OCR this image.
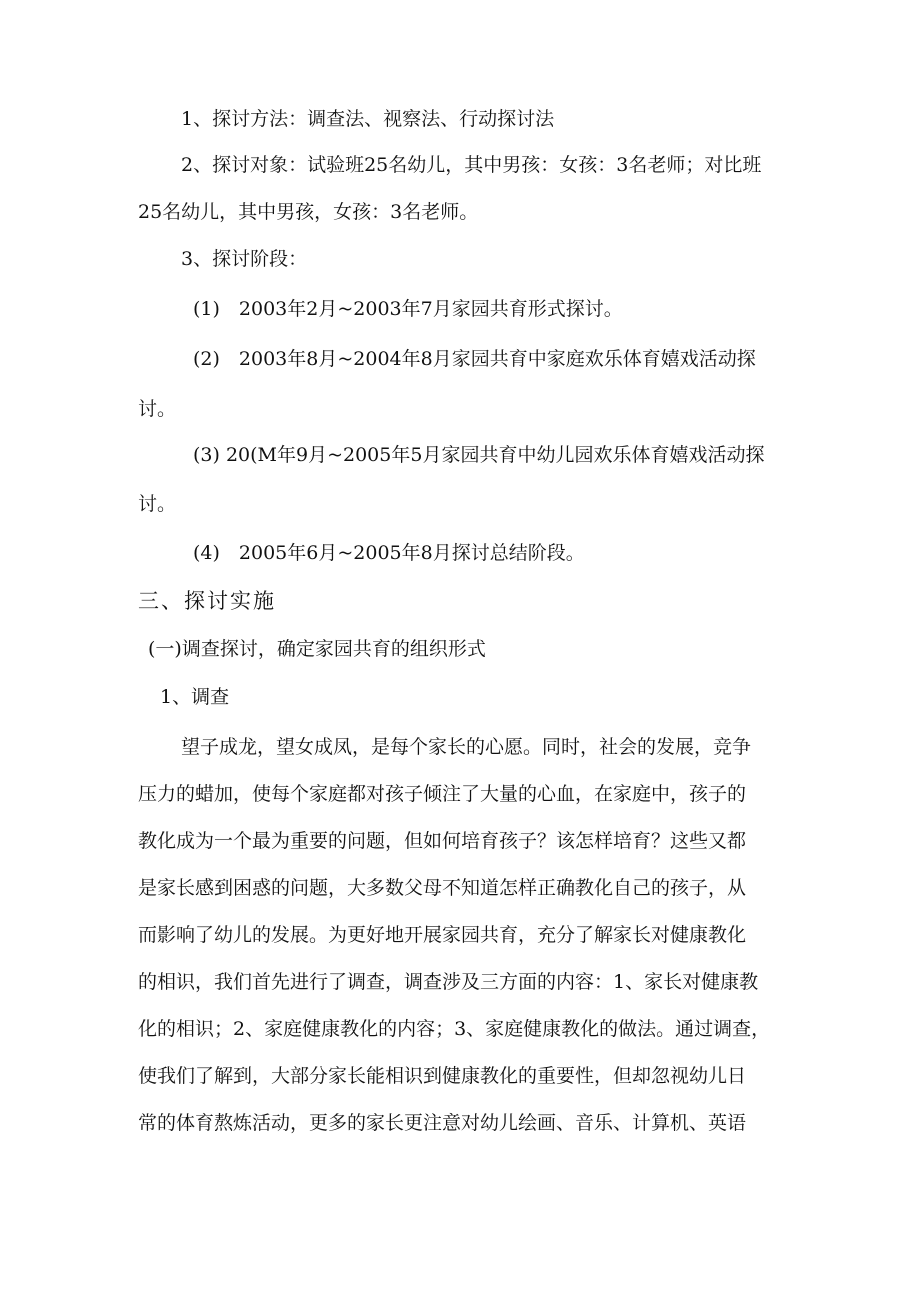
1、探讨方法：调查法、视察法、行动探讨法

2、探讨对象：试验班25名幼儿，其中男孩：女孩：3名老师；对比班

25名幼儿，其中男孩，女孩：3名老师。

3、探讨阶段：

(1)　2003年2月~2003年7月家园共育形式探讨。

(2)　2003年8月~2004年8月家园共育中家庭欢乐体育嬉戏活动探

讨。

(3) 20(M年9月~2005年5月家园共育中幼儿园欢乐体育嬉戏活动探

讨。

(4)　2005年6月~2005年8月探讨总结阶段。

三、探讨实施

(一)调查探讨，确定家园共育的组织形式

1、调查

望子成龙，望女成凤，是每个家长的心愿。同时，社会的发展，竞争

压力的蜡加，使每个家庭都对孩子倾注了大量的心血，在家庭中，孩子的

教化成为一个最为重要的问题，但如何培育孩子？该怎样培育？这些又都

是家长感到困惑的问题，大多数父母不知道怎样正确教化自己的孩子，从

而影响了幼儿的发展。为更好地开展家园共育，充分了解家长对健康教化

的相识，我们首先进行了调查，调查涉及三方面的内容：1、家长对健康教

化的相识；2、家庭健康教化的内容；3、家庭健康教化的做法。通过调查，

使我们了解到，大部分家长能相识到健康教化的重要性，但却忽视幼儿日

常的体育熬炼活动，更多的家长更注意对幼儿绘画、音乐、计算机、英语
